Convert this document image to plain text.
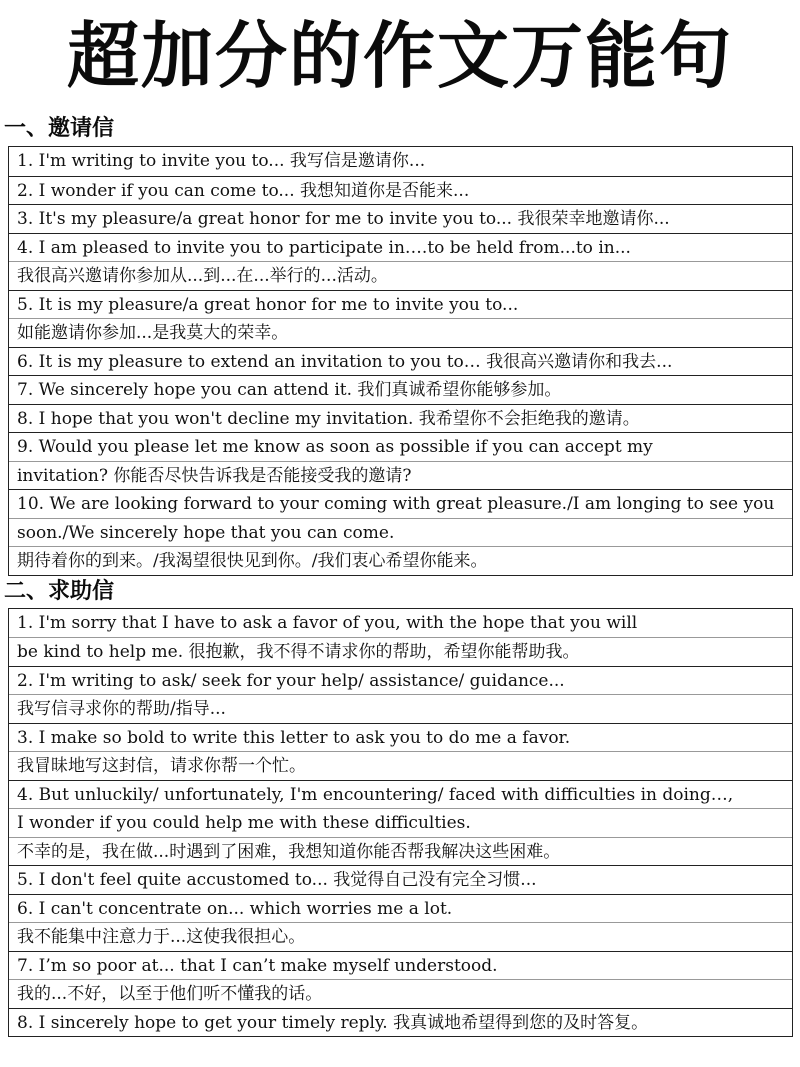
超加分的作文万能句
一、邀请信
1. I'm writing to invite you to... 我写信是邀请你...
2. I wonder if you can come to... 我想知道你是否能来...
3. It's my pleasure/a great honor for me to invite you to... 我很荣幸地邀请你...
4. I am pleased to invite you to participate in….to be held from...to in...
我很高兴邀请你参加从...到...在...举行的...活动。
5. It is my pleasure/a great honor for me to invite you to...
如能邀请你参加...是我莫大的荣幸。
6. It is my pleasure to extend an invitation to you to… 我很高兴邀请你和我去...
7. We sincerely hope you can attend it. 我们真诚希望你能够参加。
8. I hope that you won't decline my invitation. 我希望你不会拒绝我的邀请。
9. Would you please let me know as soon as possible if you can accept my
invitation? 你能否尽快告诉我是否能接受我的邀请?
10. We are looking forward to your coming with great pleasure./I am longing to see you
soon./We sincerely hope that you can come.
期待着你的到来。/我渴望很快见到你。/我们衷心希望你能来。
二、求助信
1. I'm sorry that I have to ask a favor of you, with the hope that you will
be kind to help me. 很抱歉，我不得不请求你的帮助，希望你能帮助我。
2. I'm writing to ask/ seek for your help/ assistance/ guidance...
我写信寻求你的帮助/指导...
3. I make so bold to write this letter to ask you to do me a favor.
我冒昧地写这封信，请求你帮一个忙。
4. But unluckily/ unfortunately, I'm encountering/ faced with difficulties in doing…,
I wonder if you could help me with these difficulties.
不幸的是，我在做...时遇到了困难，我想知道你能否帮我解决这些困难。
5. I don't feel quite accustomed to... 我觉得自己没有完全习惯...
6. I can't concentrate on... which worries me a lot.
我不能集中注意力于...这使我很担心。
7. I’m so poor at... that I can’t make myself understood.
我的...不好，以至于他们听不懂我的话。
8. I sincerely hope to get your timely reply. 我真诚地希望得到您的及时答复。
